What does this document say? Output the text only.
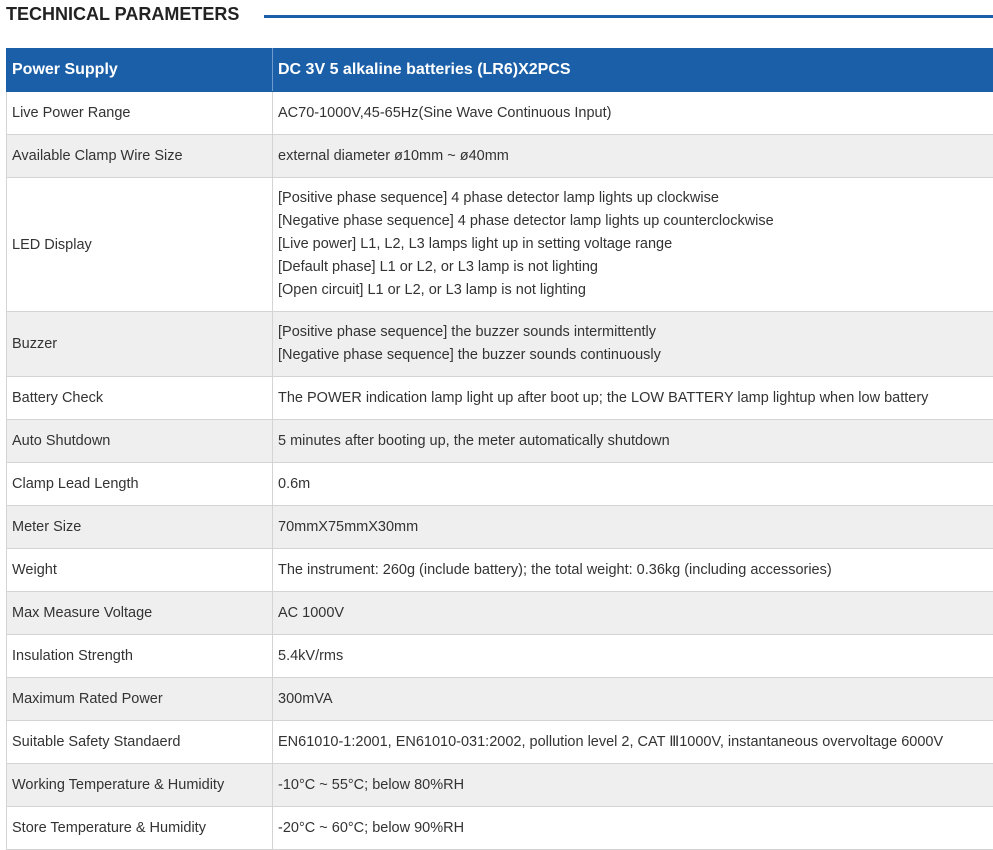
TECHNICAL PARAMETERS
Power Supply	DC 3V 5 alkaline batteries (LR6)X2PCS
Live Power Range	AC70-1000V,45-65Hz(Sine Wave Continuous Input)

Available Clamp Wire Size	external diameter ø10mm ~ ø40mm

LED Display	[Positive phase sequence] 4 phase detector lamp lights up clockwise
[Negative phase sequence] 4 phase detector lamp lights up counterclockwise
[Live power] L1, L2, L3 lamps light up in setting voltage range
[Default phase] L1 or L2, or L3 lamp is not lighting
[Open circuit] L1 or L2, or L3 lamp is not lighting

Buzzer	[Positive phase sequence] the buzzer sounds intermittently
[Negative phase sequence] the buzzer sounds continuously

Battery Check	The POWER indication lamp light up after boot up; the LOW BATTERY lamp lightup when low battery

Auto Shutdown	5 minutes after booting up, the meter automatically shutdown

Clamp Lead Length	0.6m

Meter Size	70mmX75mmX30mm

Weight	The instrument: 260g (include battery); the total weight: 0.36kg (including accessories)

Max Measure Voltage	AC 1000V

Insulation Strength	5.4kV/rms

Maximum Rated Power	300mVA

Suitable Safety Standaerd	EN61010-1:2001, EN61010-031:2002, pollution level 2, CAT Ⅲ1000V, instantaneous overvoltage 6000V

Working Temperature & Humidity	-10°C ~ 55°C; below 80%RH

Store Temperature & Humidity	-20°C ~ 60°C; below 90%RH
